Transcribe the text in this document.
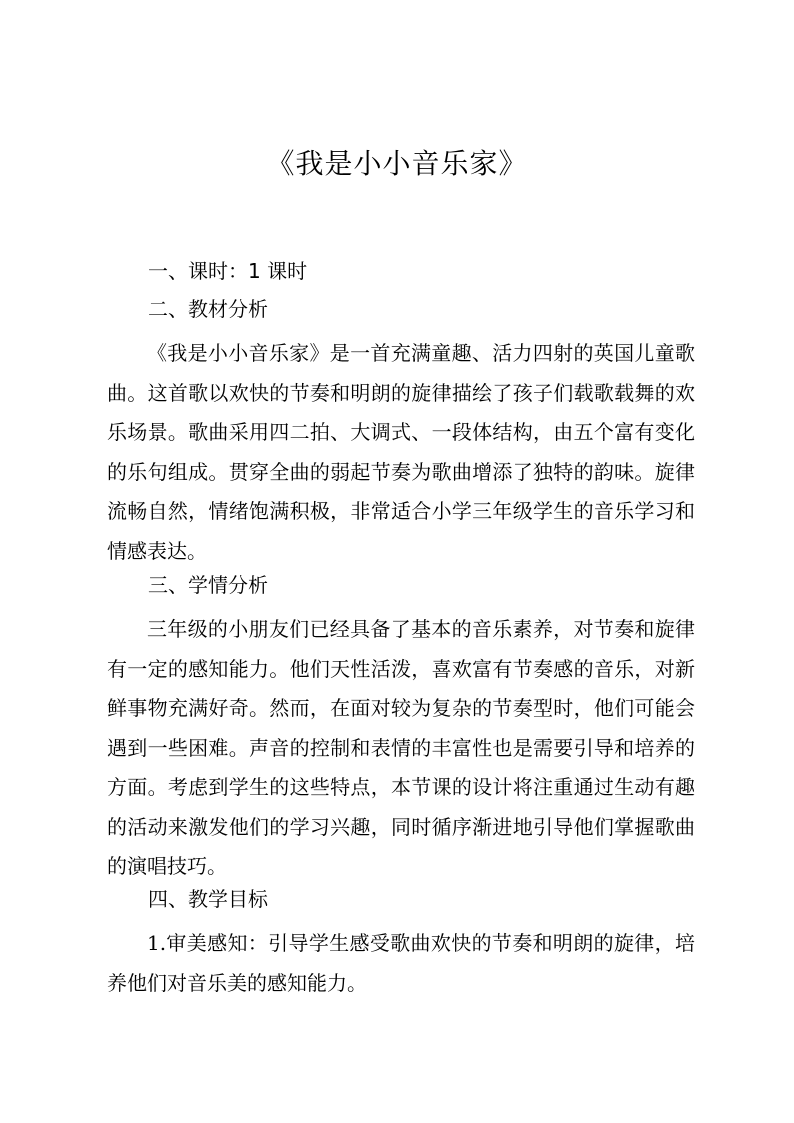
《我是小小音乐家》
一、课时：1 课时
二、教材分析

《我是小小音乐家》是一首充满童趣、活力四射的英国儿童歌曲。这首歌以欢快的节奏和明朗的旋律描绘了孩子们载歌载舞的欢乐场景。歌曲采用四二拍、大调式、一段体结构，由五个富有变化的乐句组成。贯穿全曲的弱起节奏为歌曲增添了独特的韵味。旋律流畅自然，情绪饱满积极，非常适合小学三年级学生的音乐学习和情感表达。

三、学情分析

三年级的小朋友们已经具备了基本的音乐素养，对节奏和旋律有一定的感知能力。他们天性活泼，喜欢富有节奏感的音乐，对新鲜事物充满好奇。然而，在面对较为复杂的节奏型时，他们可能会遇到一些困难。声音的控制和表情的丰富性也是需要引导和培养的方面。考虑到学生的这些特点，本节课的设计将注重通过生动有趣的活动来激发他们的学习兴趣，同时循序渐进地引导他们掌握歌曲的演唱技巧。

四、教学目标

1.审美感知：引导学生感受歌曲欢快的节奏和明朗的旋律，培养他们对音乐美的感知能力。
